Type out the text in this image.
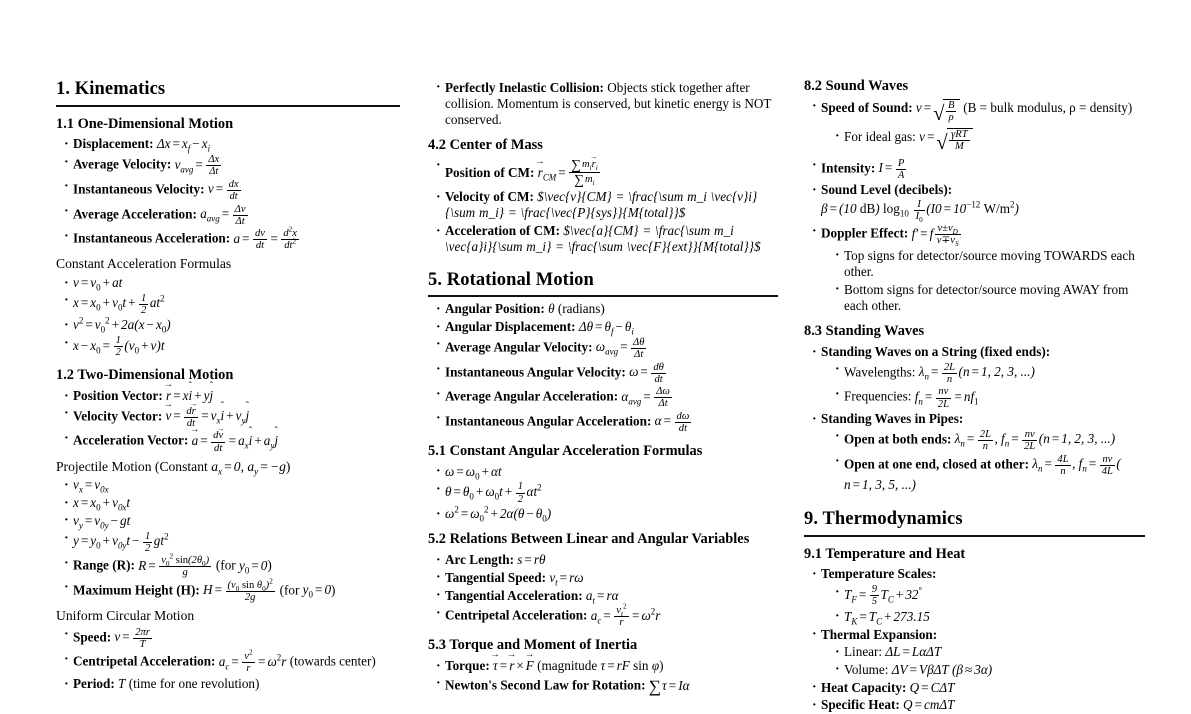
1. Kinematics
1.1 One-Dimensional Motion
· Displacement: $\Delta x = x_f - x_i$
· Average Velocity: $v_{avg} = \frac{\Delta x}{\Delta t}$
· Instantaneous Velocity: $v = \frac{dx}{dt}$
· Average Acceleration: $a_{avg} = \frac{\Delta v}{\Delta t}$
· Instantaneous Acceleration: $a = \frac{dv}{dt} = \frac{d^2x}{dt^2}$

Constant Acceleration Formulas

· $v = v_0$ + at
· $x = x_0 + v_0t + \frac{1}{2} at^2$
· $v^2 = v_0^2 + 2a(x - x_0)$
· $x - x_0 = \frac{1}{2} (v_0 + v)t$
1.2 Two-Dimensional Motion
· Position Vector: r → = xi ˆ + yj ˆ
· Velocity Vector: v → = $\frac{dr \to}{dt} = v_xi$ ˆ + $v_yj$ ˆ
· Acceleration Vector: a → = $\frac{dv \to}{dt} = a_xi$ ˆ + $a_yj$ ˆ

Projectile Motion (Constant $a_x = 0$, $a_y = -g$)

· $v_x = v_{0x}$
· $x = x_0 + v_{0x}t$
· $v_y = v_{0y}$ − gt
· $y = y_0 + v_{0y}t - \frac{1}{2} gt^2$
· Range (R): $R = \frac{v_0^2 \sin(2\theta_0)}{g} (for$ $y_0 = 0$)
· Maximum Height (H): $H = \frac{(v_0 \sin \theta_0)^2}{2g} (for$ $y_0 = 0$)

Uniform Circular Motion

· Speed: $v = \frac{2\pi r}{T}$
· Centripetal Acceleration: $a_c = \frac{v^2}{r} = \omega^2r$ (towards center)
· Period: T (time for one revolution)
· Perfectly Inelastic Collision: Objects stick together after collision. Momentum is conserved, but kinetic energy is NOT conserved.
4.2 Center of Mass
· Position of CM: $r \to_{CM} = \frac{\sum m_ir \to_i}{\sum m_i}$
· Velocity of CM: $\vec{v}{CM} = \frac{\sum m_i \vec{v}i}{\sum m_i} = \frac{\vec{P}{sys}}{M{total}}$
· Acceleration of CM: $\vec{a}{CM} = \frac{\sum m_i \vec{a}i}{\sum m_i} = \frac{\sum \vec{F}{ext}}{M{total}}$
5. Rotational Motion
· Angular Position: θ (radians)
· Angular Displacement: $\Delta\theta = \theta_f - \theta_i$
· Average Angular Velocity: $\omega_{avg} = \frac{\Delta\theta}{\Delta t}$
· Instantaneous Angular Velocity: $\omega = \frac{d\theta}{dt}$
· Average Angular Acceleration: $\alpha_{avg} = \frac{\Delta\omega}{\Delta t}$
· Instantaneous Angular Acceleration: $\alpha = \frac{d\omega}{dt}$
5.1 Constant Angular Acceleration Formulas
· $\omega = \omega_0 + \alpha t$
· $\theta = \theta_0 + \omega_0t + \frac{1}{2} \alpha t^2$
· $\omega^2 = \omega_0^2 + 2\alpha(\theta - \theta_0)$
5.2 Relations Between Linear and Angular Variables
· Arc Length: s = rθ
· Tangential Speed: $v_t = r\omega$
· Tangential Acceleration: $a_t = r\alpha$
· Centripetal Acceleration: $a_c = \frac{v_t^2}{r} = \omega^2r$
5.3 Torque and Moment of Inertia
· Torque: τ → = r → × F → (magnitude τ = rF sin φ)
· Newton's Second Law for Rotation: ∑τ = Iα
8.2 Sound Waves
· Speed of Sound: v =√ $\frac{B}{\rho} (B$ = bulk modulus, ρ = density)
· For ideal gas: v =√ $\frac{\text{γRT}}{M}$
· Intensity: $I = \frac{P}{A}$
· Sound Level (decibels): β = (10 dB) $\log_{10} \frac{I}{I_0} (I0 = 10^{-12}$ $W/m^2$)
· Doppler Effect: f′ = f $\frac{v\pm v_D}{v\mp v_S}$
· Top signs for detector/source moving TOWARDS each other.
· Bottom signs for detector/source moving AWAY from each other.
8.3 Standing Waves
· Standing Waves on a String (fixed ends):
· Wavelengths: $\lambda_n = \frac{2L}{n} (n = 1$, 2, 3, ...)
· Frequencies: $f_n = \frac{nv}{2L} = nf_1$
· Standing Waves in Pipes:
· Open at both ends: $\lambda_n = \frac{2L}{n}$ , $f_n = \frac{nv}{2L} (n = 1$, 2, 3, ...)
· Open at one end, closed at other: $\lambda_n = \frac{4L}{n}$ , $f_n = \frac{nv}{4L}$ ( n = 1, 3, 5, ...)
9. Thermodynamics
9.1 Temperature and Heat
· Temperature Scales:
· $T_F = \frac{9}{5} T_C + 32^\circ$
· $T_K = T_C + 273.15$
· Thermal Expansion:
· Linear: ΔL = LαΔT
· Volume: ΔV = VβΔT (β ≈ 3α)
· Heat Capacity: Q = CΔT
· Specific Heat: Q = cmΔT
